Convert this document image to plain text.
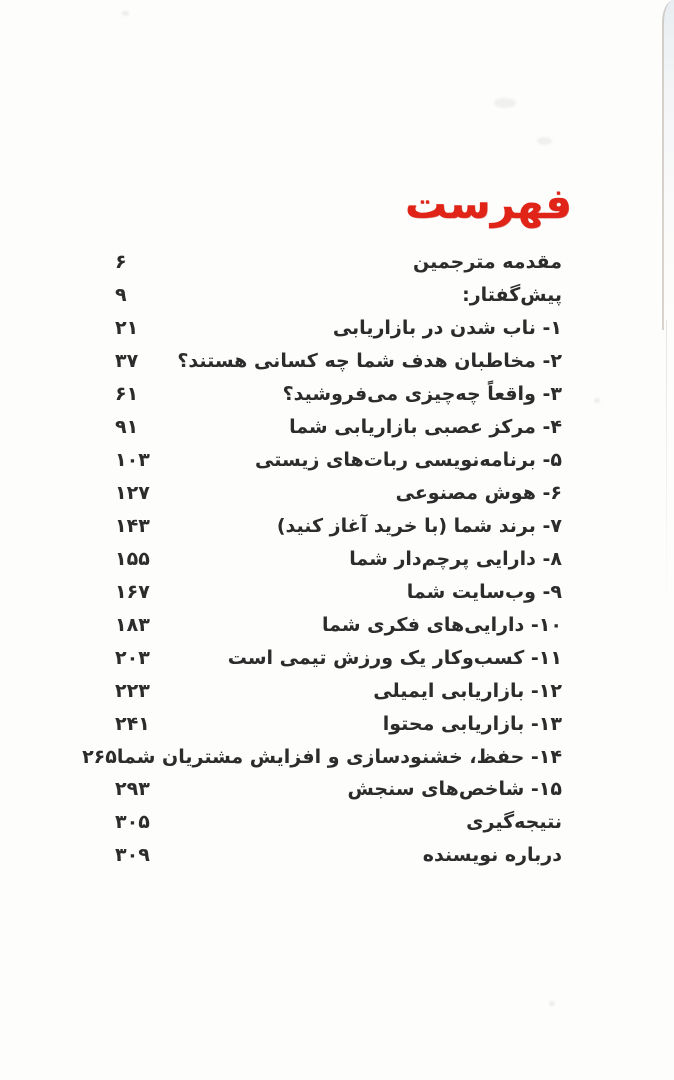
فهرست
مقدمه مترجمین
۶
پیش‌گفتار:
۹
۱- ناب شدن در بازاریابی
۲۱
۲- مخاطبان هدف شما چه کسانی هستند؟
۳۷
۳- واقعاً چه‌چیزی می‌فروشید؟
۶۱
۴- مرکز عصبی بازاریابی شما
۹۱
۵- برنامه‌نویسی ربات‌های زیستی
۱۰۳
۶- هوش مصنوعی
۱۲۷
۷- برند شما (با خرید آغاز کنید)
۱۴۳
۸- دارایی پرچم‌دار شما
۱۵۵
۹- وب‌سایت شما
۱۶۷
۱۰- دارایی‌های فکری شما
۱۸۳
۱۱- کسب‌وکار یک ورزش تیمی است
۲۰۳
۱۲- بازاریابی ایمیلی
۲۲۳
۱۳- بازاریابی محتوا
۲۴۱
۱۴- حفظ، خشنودسازی و افزایش مشتریان شما
۲۶۵
۱۵- شاخص‌های سنجش
۲۹۳
نتیجه‌گیری
۳۰۵
درباره نویسنده
۳۰۹
